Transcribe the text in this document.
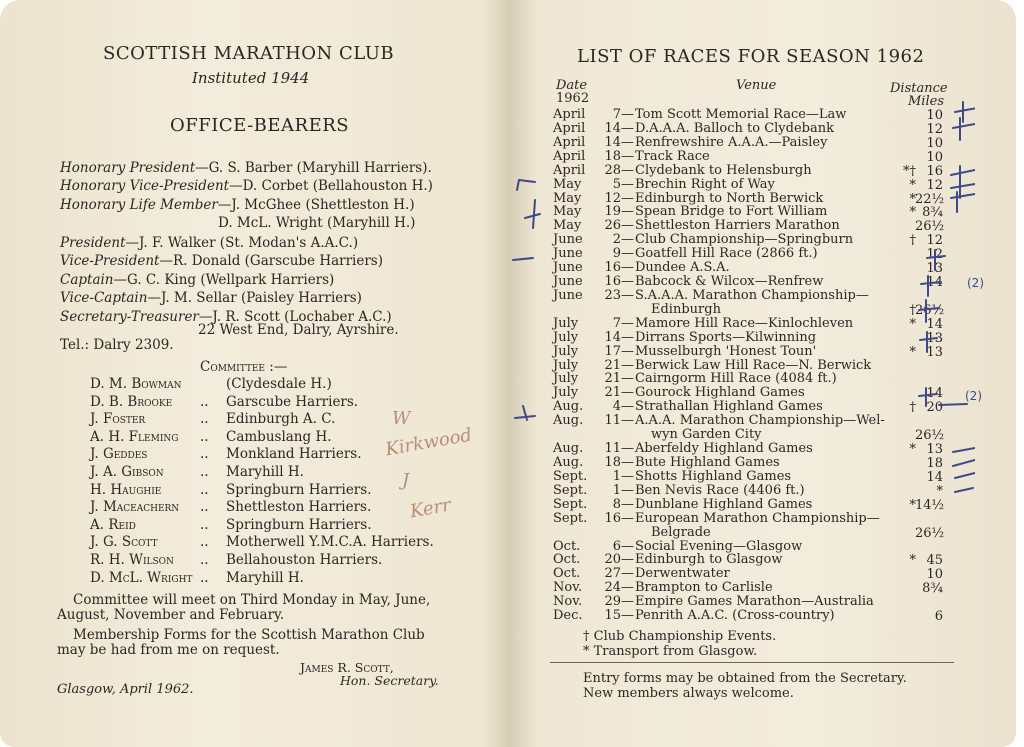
SCOTTISH MARATHON CLUB
Instituted 1944
OFFICE-BEARERS
Honorary President—G. S. Barber (Maryhill Harriers).
Honorary Vice-President—D. Corbet (Bellahouston H.)
Honorary Life Member—J. McGhee (Shettleston H.)
D. McL. Wright (Maryhill H.)
President—J. F. Walker (St. Modan's A.A.C.)
Vice-President—R. Donald (Garscube Harriers)
Captain—G. C. King (Wellpark Harriers)
Vice-Captain—J. M. Sellar (Paisley Harriers)
Secretary-Treasurer—J. R. Scott (Lochaber A.C.)
22 West End, Dalry, Ayrshire.
Tel.: Dalry 2309.
Committee :—
D. M. Bowman	(Clydesdale H.)
D. B. Brooke .. Garscube Harriers.
J. Foster	.. Edinburgh A. C.
A. H. Fleming .. Cambuslang H.
J. Geddes	.. Monkland Harriers.
J. A. Gibson	.. Maryhill H.
H. Haughie	.. Springburn Harriers.
J. Maceachern .. Shettleston Harriers.
A. Reid	.. Springburn Harriers.
J. G. Scott	.. Motherwell Y.M.C.A. Harriers.
R. H. Wilson .. Bellahouston Harriers.
D. McL. Wright .. Maryhill H.
Committee will meet on Third Monday in May, June,
August, November and February.
Membership Forms for the Scottish Marathon Club
may be had from me on request.
James R. Scott,
Hon. Secretary.
Glasgow, April 1962.
W
Kirkwood
J
Kerr
LIST OF RACES FOR SEASON 1962
Date
1962
Venue	Distance
Miles
April 7—Tom Scott Memorial Race—Law	10
April 14—D.A.A.A. Balloch to Clydebank	12
April 14—Renfrewshire A.A.A.—Paisley	10
April 18—Track Race	10
April 28—Clydebank to Helensburgh	*† 16
May 5—Brechin Right of Way	* 12
May 12—Edinburgh to North Berwick	* 22½
May 19—Spean Bridge to Fort William	* 8¾
May 26—Shettleston Harriers Marathon	26½
June 2—Club Championship—Springburn	† 12
June 9—Goatfell Hill Race (2866 ft.)	12
June 16—Dundee A.S.A.	13
June 16—Babcock & Wilcox—Renfrew	14
June 23—S.A.A.A. Marathon Championship—
Edinburgh	† 26½
July	7—Mamore Hill Race—Kinlochleven	* 14
July 14—Dirrans Sports—Kilwinning	13
July 17—Musselburgh 'Honest Toun'	* 13
July 21—Berwick Law Hill Race—N. Berwick
July 21—Cairngorm Hill Race (4084 ft.)
July 21—Gourock Highland Games	14
Aug. 4—Strathallan Highland Games	† 20
Aug. 11—A.A.A. Marathon Championship—Wel-
wyn Garden City	26½
Aug. 11—Aberfeldy Highland Games	* 13
Aug. 18—Bute Highland Games	18
Sept. 1—Shotts Highland Games	14
Sept. 1—Ben Nevis Race (4406 ft.)	*
Sept. 8—Dunblane Highland Games	* 14½
Sept. 16—European Marathon Championship—
Belgrade	26½
Oct. 6—Social Evening—Glasgow
Oct. 20—Edinburgh to Glasgow	* 45
Oct. 27—Derwentwater	10
Nov. 24—Brampton to Carlisle	8¾
Nov. 29—Empire Games Marathon—Australia
Dec. 15—Penrith A.A.C. (Cross-country)	6
† Club Championship Events.
* Transport from Glasgow.
Entry forms may be obtained from the Secretary.
New members always welcome.
(2)
(2)
